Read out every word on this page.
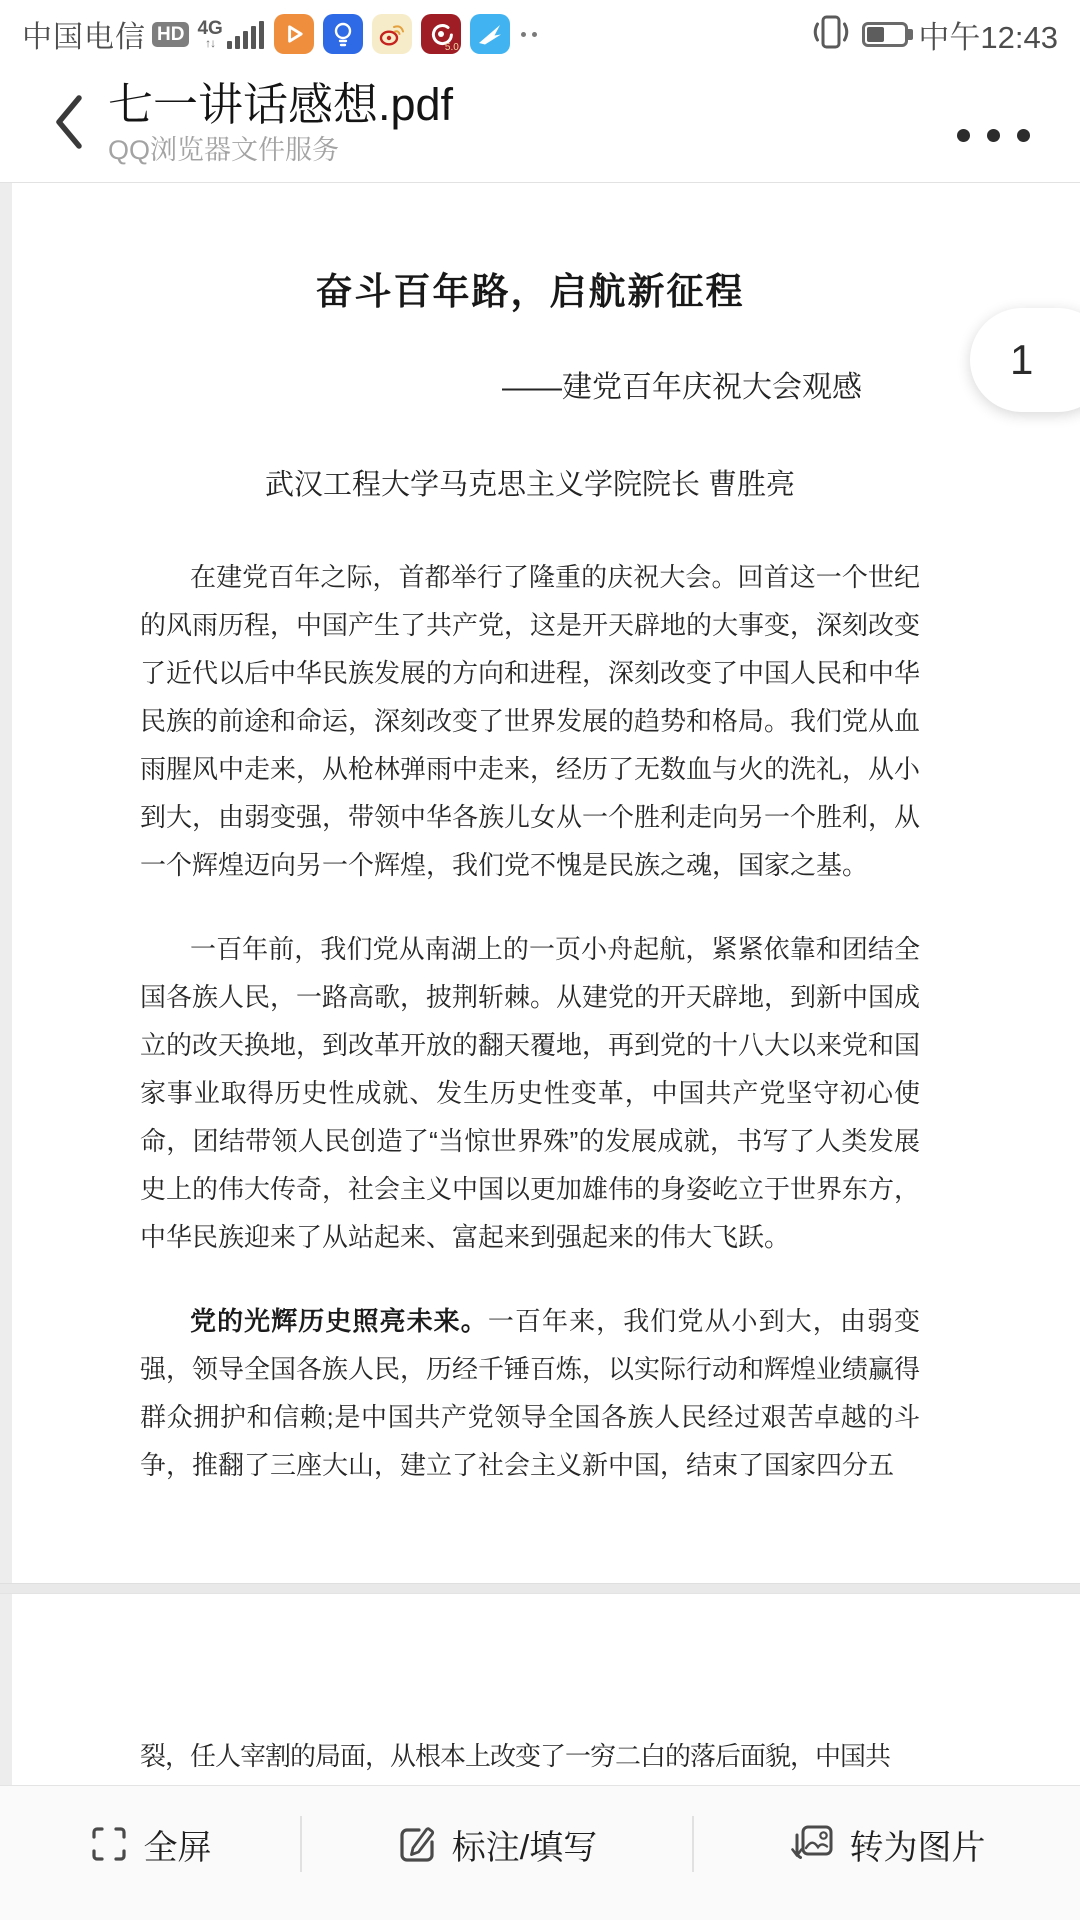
中国电信 HD 4G
↑↓	5.0	中午12:43
七一讲话感想.pdf
QQ浏览器文件服务
奋斗百年路，启航新征程
——建党百年庆祝大会观感
武汉工程大学马克思主义学院院长 曹胜亮

在建党百年之际，首都举行了隆重的庆祝大会。回首这一个世纪的风雨历程，中国产生了共产党，这是开天辟地的大事变，深刻改变了近代以后中华民族发展的方向和进程，深刻改变了中国人民和中华民族的前途和命运，深刻改变了世界发展的趋势和格局。我们党从血雨腥风中走来，从枪林弹雨中走来，经历了无数血与火的洗礼，从小到大，由弱变强，带领中华各族儿女从一个胜利走向另一个胜利，从一个辉煌迈向另一个辉煌，我们党不愧是民族之魂，国家之基。

一百年前，我们党从南湖上的一页小舟起航，紧紧依靠和团结全国各族人民，一路高歌，披荆斩棘。从建党的开天辟地，到新中国成立的改天换地，到改革开放的翻天覆地，再到党的十八大以来党和国家事业取得历史性成就、发生历史性变革，中国共产党坚守初心使命，团结带领人民创造了“当惊世界殊”的发展成就，书写了人类发展史上的伟大传奇，社会主义中国以更加雄伟的身姿屹立于世界东方，中华民族迎来了从站起来、富起来到强起来的伟大飞跃。

党的光辉历史照亮未来。一百年来，我们党从小到大，由弱变强，领导全国各族人民，历经千锤百炼，以实际行动和辉煌业绩赢得群众拥护和信赖;是中国共产党领导全国各族人民经过艰苦卓越的斗争，推翻了三座大山，建立了社会主义新中国，结束了国家四分五

裂，任人宰割的局面，从根本上改变了一穷二白的落后面貌，中国共

1
全屏	标注/填写	转为图片
